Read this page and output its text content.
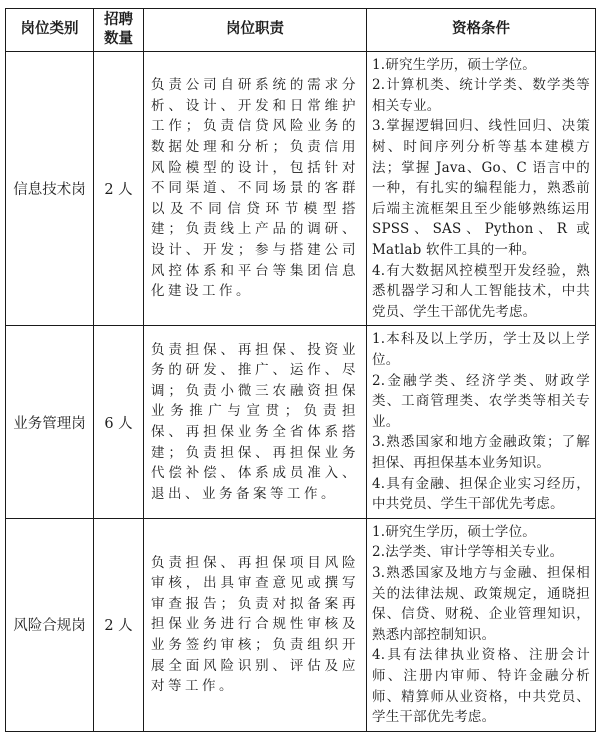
岗位类别	招聘数量	岗位职责	资格条件
信息技术岗	2 人	负责公司自研系统的需求分析、设计、开发和日常维护工作；负责信贷风险业务的数据处理和分析；负责信用风险模型的设计，包括针对不同渠道、不同场景的客群以及不同信贷环节模型搭建；负责线上产品的调研、设计、开发；参与搭建公司风控体系和平台等集团信息化建设工作。	1.研究生学历，硕士学位。

2.计算机类、统计学类、数学类等相关专业。

3.掌握逻辑回归、线性回归、决策树、时间序列分析等基本建模方法；掌握 Java、Go、C 语言中的一种，有扎实的编程能力，熟悉前后端主流框架且至少能够熟练运用 SPSS、SAS、Python、R 或 Matlab 软件工具的一种。

4.有大数据风控模型开发经验，熟悉机器学习和人工智能技术，中共党员、学生干部优先考虑。

业务管理岗	6 人	负责担保、再担保、投资业务的研发、推广、运作、尽调；负责小微三农融资担保业务推广与宣贯；负责担保、再担保业务全省体系搭建；负责担保、再担保业务代偿补偿、体系成员准入、退出、业务备案等工作。	1.本科及以上学历，学士及以上学位。

2.金融学类、经济学类、财政学类、工商管理类、农学类等相关专业。

3.熟悉国家和地方金融政策；了解担保、再担保基本业务知识。

4.具有金融、担保企业实习经历，中共党员、学生干部优先考虑。

风险合规岗	2 人	负责担保、再担保项目风险审核，出具审查意见或撰写审查报告；负责对拟备案再担保业务进行合规性审核及业务签约审核；负责组织开展全面风险识别、评估及应对等工作。	1.研究生学历，硕士学位。

2.法学类、审计学等相关专业。

3.熟悉国家及地方与金融、担保相关的法律法规、政策规定，通晓担保、信贷、财税、企业管理知识，熟悉内部控制知识。

4.具有法律执业资格、注册会计师、注册内审师、特许金融分析师、精算师从业资格，中共党员、学生干部优先考虑。
